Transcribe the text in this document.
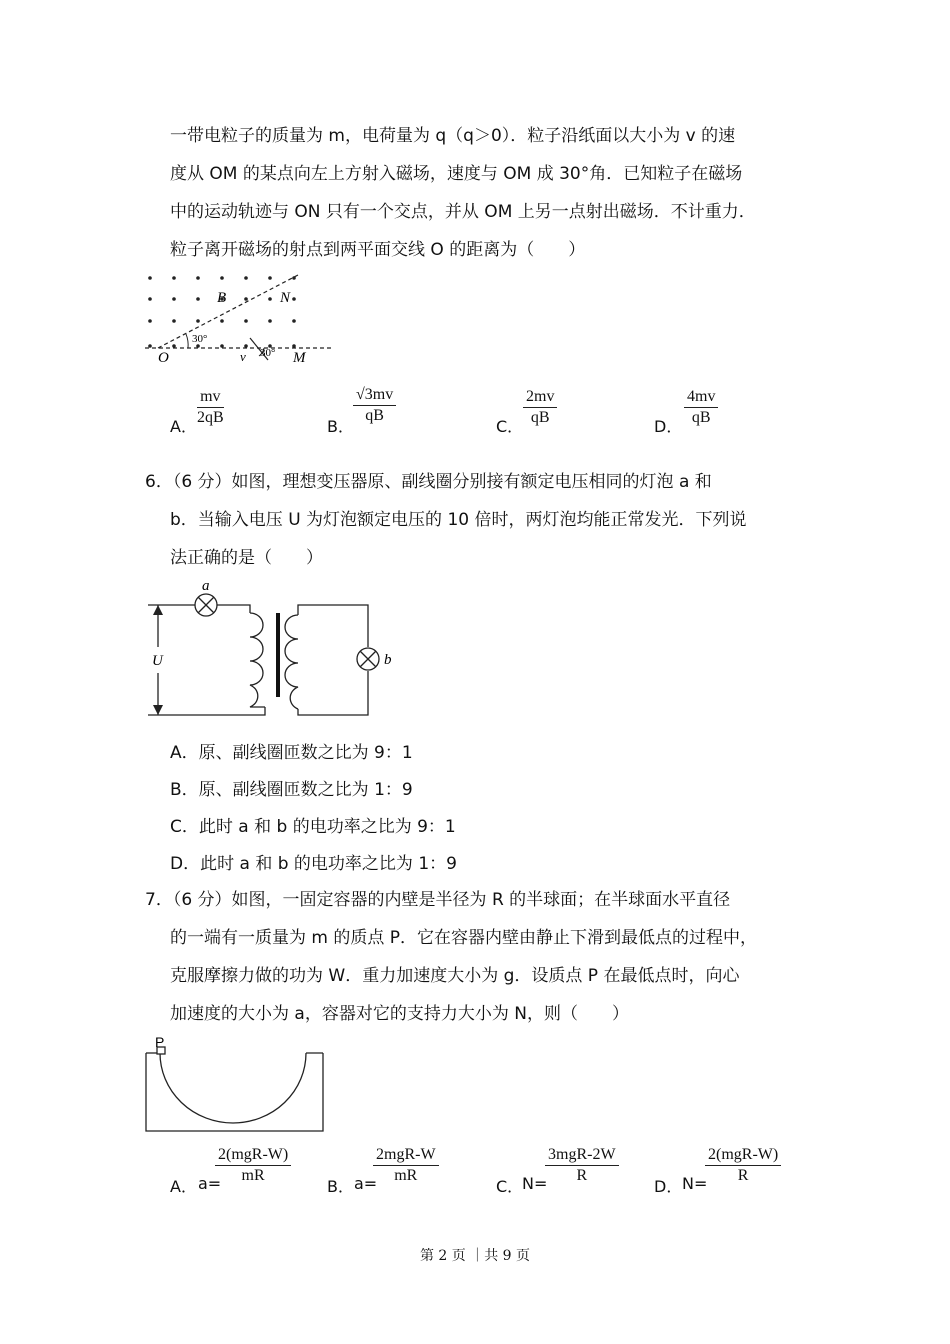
一带电粒子的质量为 m，电荷量为 q（q＞0）．粒子沿纸面以大小为 v 的速
度从 OM 的某点向左上方射入磁场，速度与 OM 成 30°角．已知粒子在磁场
中的运动轨迹与 ON 只有一个交点，并从 OM 上另一点射出磁场．不计重力．
粒子离开磁场的射点到两平面交线 O 的距离为（　　）
B	N
O	M
v
30°
30°
A． $\frac{mv}{2qB}$	B．
$\frac{√3mv}{qB}$
C． $\frac{2mv}{qB}$	D． $\frac{4mv}{qB}$
6．（6 分）如图，理想变压器原、副线圈分别接有额定电压相同的灯泡 a 和
b．当输入电压 U 为灯泡额定电压的 10 倍时，两灯泡均能正常发光．下列说
法正确的是（　　）
a
b
U
A．原、副线圈匝数之比为 9：1
B．原、副线圈匝数之比为 1：9
C．此时 a 和 b 的电功率之比为 9：1
D．此时 a 和 b 的电功率之比为 1：9
7．（6 分）如图，一固定容器的内壁是半径为 R 的半球面；在半球面水平直径
的一端有一质量为 m 的质点 P．它在容器内壁由静止下滑到最低点的过程中，
克服摩擦力做的功为 W．重力加速度大小为 g．设质点 P 在最低点时，向心
加速度的大小为 a，容器对它的支持力大小为 N，则（　　）
P
A． a=
2(mgR-W)
mR
B． a=
2mgR-W
mR
C．
N=
3mgR-2W
R
D． N=
2(mgR-W)
R
第 2 页 ｜共 9 页
